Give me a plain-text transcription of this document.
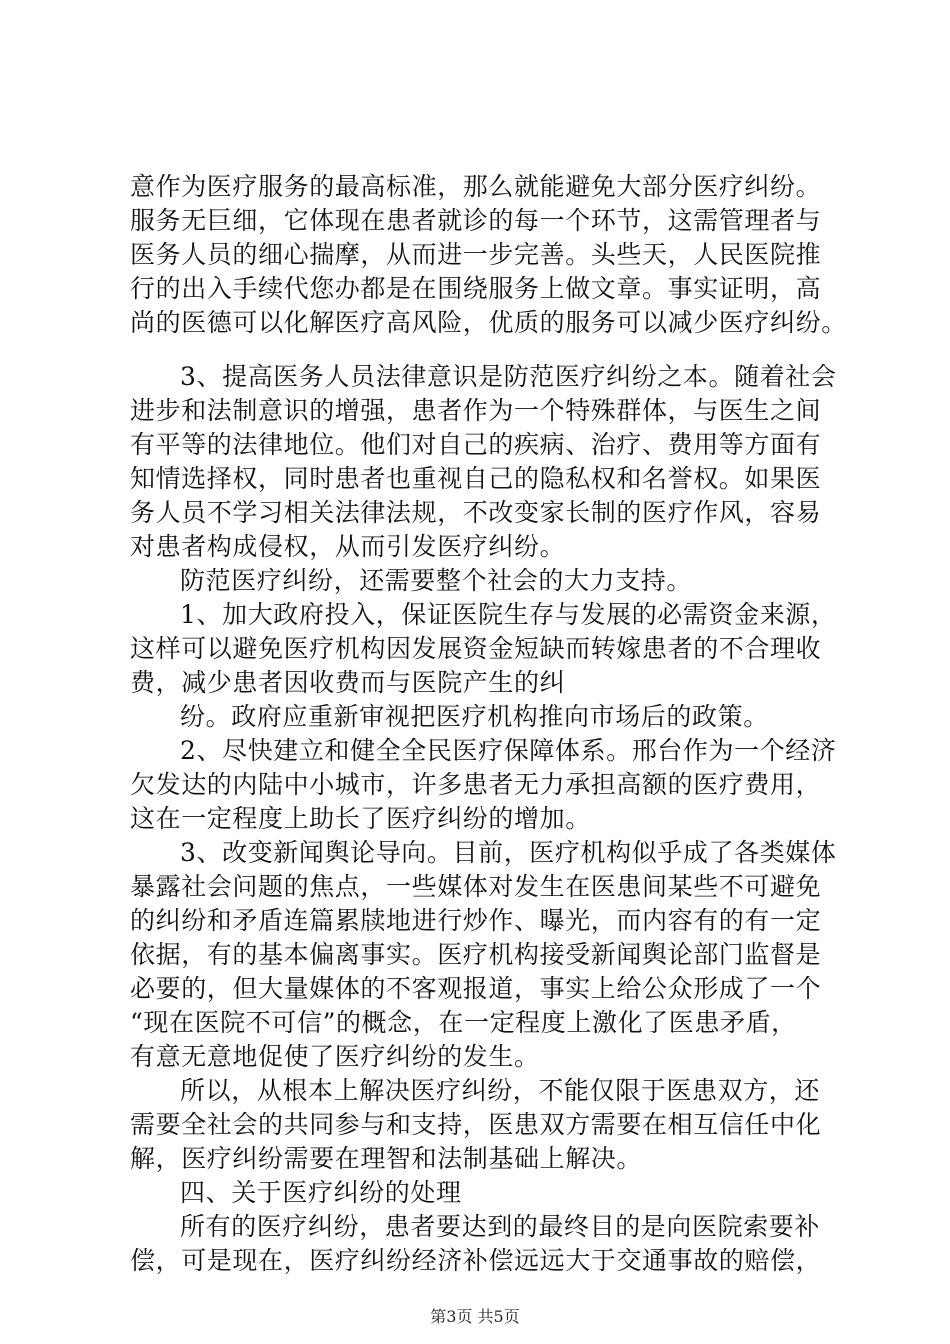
意作为医疗服务的最高标准，那么就能避免大部分医疗纠纷。
服务无巨细，它体现在患者就诊的每一个环节，这需管理者与
医务人员的细心揣摩，从而进一步完善。头些天，人民医院推
行的出入手续代您办都是在围绕服务上做文章。事实证明，高
尚的医德可以化解医疗高风险，优质的服务可以减少医疗纠纷。
3、提高医务人员法律意识是防范医疗纠纷之本。随着社会
进步和法制意识的增强，患者作为一个特殊群体，与医生之间
有平等的法律地位。他们对自己的疾病、治疗、费用等方面有
知情选择权，同时患者也重视自己的隐私权和名誉权。如果医
务人员不学习相关法律法规，不改变家长制的医疗作风，容易
对患者构成侵权，从而引发医疗纠纷。
防范医疗纠纷，还需要整个社会的大力支持。
1、加大政府投入，保证医院生存与发展的必需资金来源，
这样可以避免医疗机构因发展资金短缺而转嫁患者的不合理收
费，减少患者因收费而与医院产生的纠
纷。政府应重新审视把医疗机构推向市场后的政策。
2、尽快建立和健全全民医疗保障体系。邢台作为一个经济
欠发达的内陆中小城市，许多患者无力承担高额的医疗费用，
这在一定程度上助长了医疗纠纷的增加。
3、改变新闻舆论导向。目前，医疗机构似乎成了各类媒体
暴露社会问题的焦点，一些媒体对发生在医患间某些不可避免
的纠纷和矛盾连篇累牍地进行炒作、曝光，而内容有的有一定
依据，有的基本偏离事实。医疗机构接受新闻舆论部门监督是
必要的，但大量媒体的不客观报道，事实上给公众形成了一个
“现在医院不可信”的概念，在一定程度上激化了医患矛盾，
有意无意地促使了医疗纠纷的发生。
所以，从根本上解决医疗纠纷，不能仅限于医患双方，还
需要全社会的共同参与和支持，医患双方需要在相互信任中化
解，医疗纠纷需要在理智和法制基础上解决。
四、关于医疗纠纷的处理
所有的医疗纠纷，患者要达到的最终目的是向医院索要补
偿，可是现在，医疗纠纷经济补偿远远大于交通事故的赔偿，
第3页 共5页
